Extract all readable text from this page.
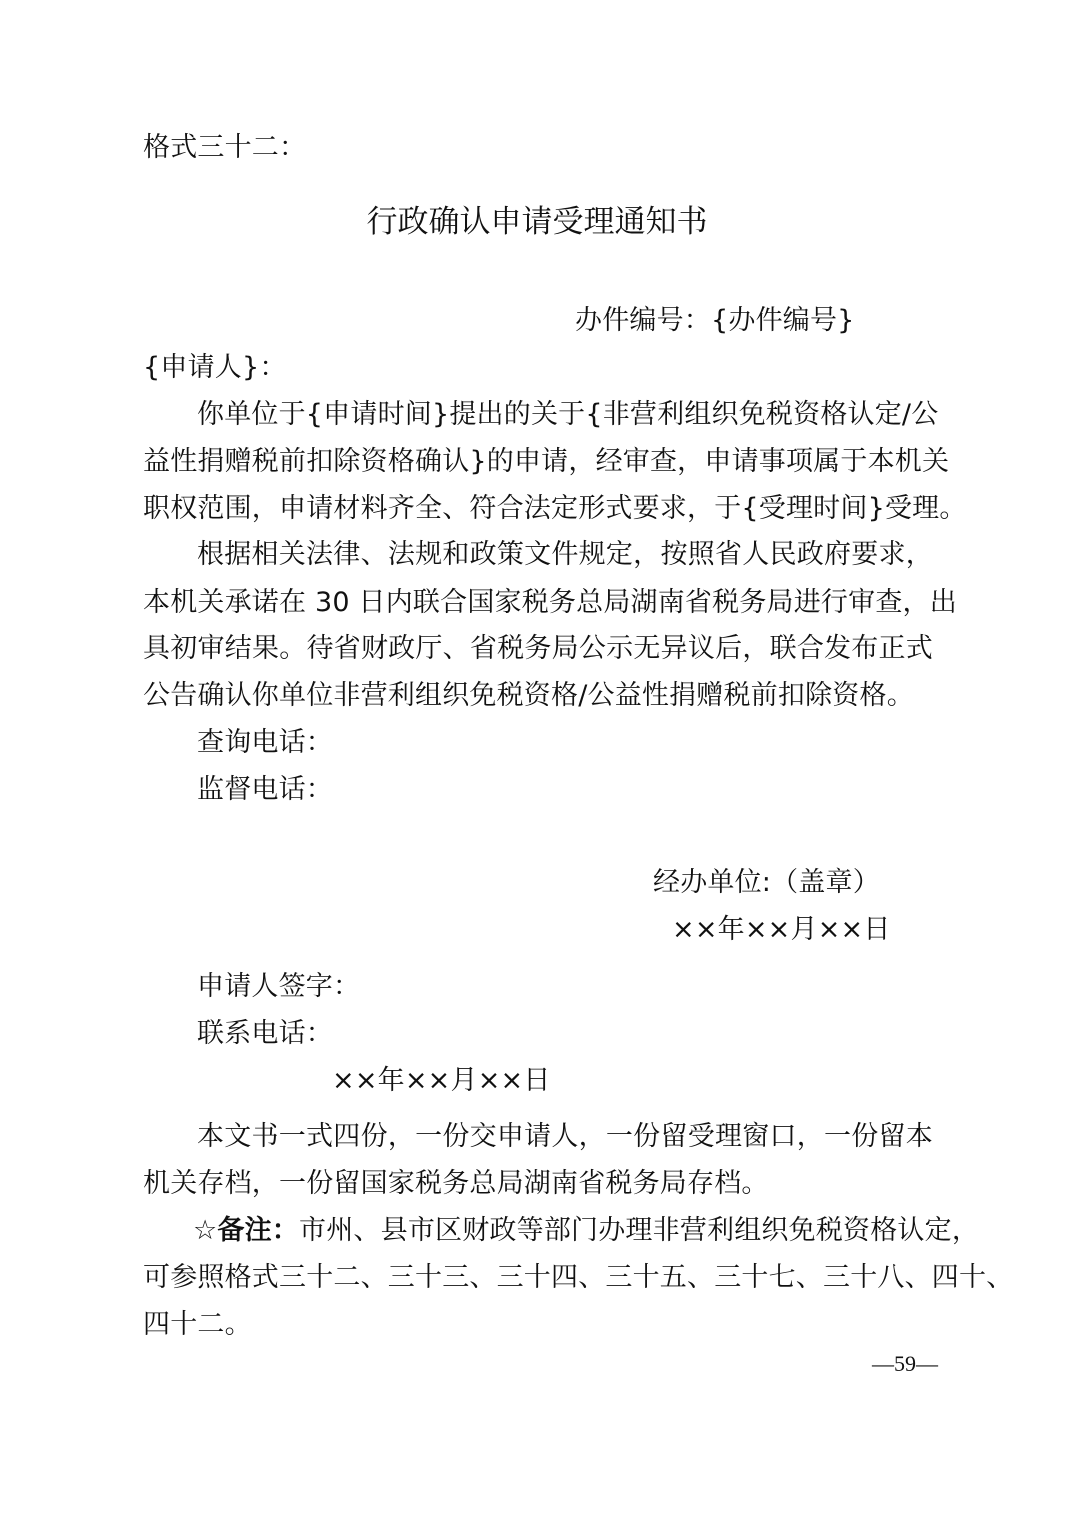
格式三十二：
行政确认申请受理通知书
办件编号：{办件编号}
{申请人}：
你单位于{申请时间}提出的关于{非营利组织免税资格认定/公
益性捐赠税前扣除资格确认}的申请，经审查，申请事项属于本机关
职权范围，申请材料齐全、符合法定形式要求，于{受理时间}受理。
根据相关法律、法规和政策文件规定，按照省人民政府要求，
本机关承诺在 30 日内联合国家税务总局湖南省税务局进行审查，出
具初审结果。待省财政厅、省税务局公示无异议后，联合发布正式
公告确认你单位非营利组织免税资格/公益性捐赠税前扣除资格。
查询电话：
监督电话：
经办单位:（盖章）
××年××月××日
申请人签字：
联系电话：
××年××月××日
本文书一式四份，一份交申请人，一份留受理窗口，一份留本
机关存档，一份留国家税务总局湖南省税务局存档。
☆备注： 市州、县市区财政等部门办理非营利组织免税资格认定，
可参照格式三十二、三十三、三十四、三十五、三十七、三十八、四十、
四十二。
—59—
